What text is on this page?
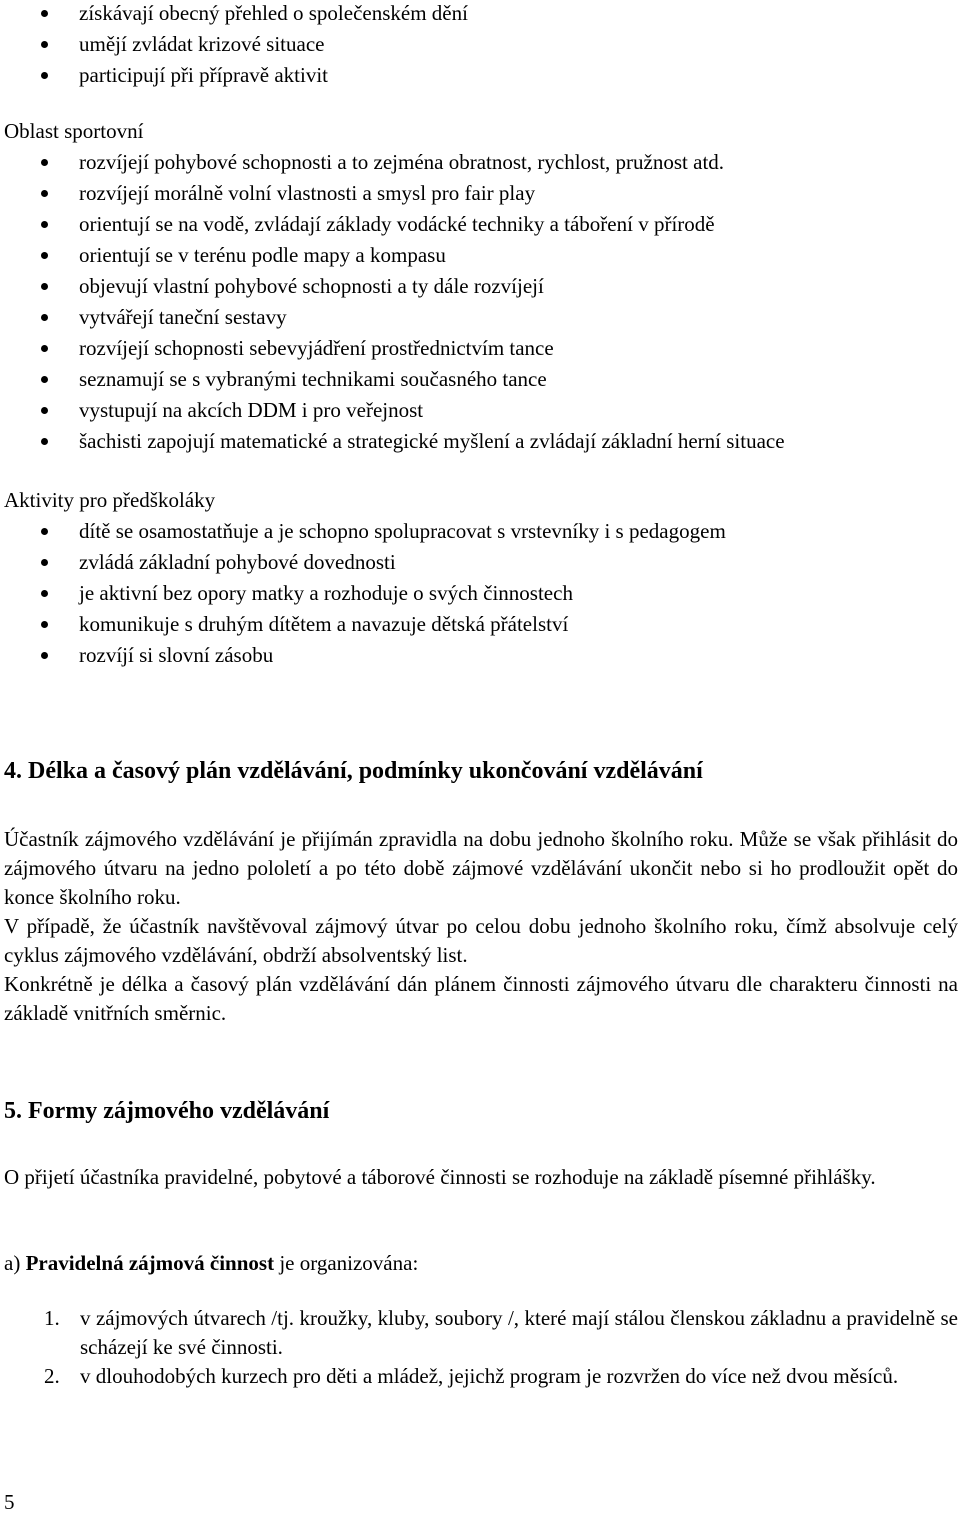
získávají obecný přehled o společenském dění
umějí zvládat krizové situace
participují při přípravě aktivit
Oblast sportovní
rozvíjejí pohybové schopnosti a to zejména obratnost, rychlost, pružnost atd.
rozvíjejí morálně volní vlastnosti a smysl pro fair play
orientují se na vodě, zvládají základy vodácké techniky a táboření v přírodě
orientují se v terénu podle mapy a kompasu
objevují vlastní pohybové schopnosti a ty dále rozvíjejí
vytvářejí taneční sestavy
rozvíjejí schopnosti sebevyjádření prostřednictvím tance
seznamují se s vybranými technikami současného tance
vystupují na akcích DDM i pro veřejnost
šachisti zapojují matematické a strategické myšlení a zvládají základní herní situace
Aktivity pro předškoláky
dítě se osamostatňuje a je schopno spolupracovat s vrstevníky i s pedagogem
zvládá základní pohybové dovednosti
je aktivní bez opory matky a rozhoduje o svých činnostech
komunikuje s druhým dítětem a navazuje dětská přátelství
rozvíjí si slovní zásobu
4. Délka a časový plán vzdělávání, podmínky ukončování vzdělávání

Účastník zájmového vzdělávání je přijímán zpravidla na dobu jednoho školního roku. Může se však přihlásit do zájmového útvaru na jedno pololetí a po této době zájmové vzdělávání ukončit nebo si ho prodloužit opět do konce školního roku.

V případě, že účastník navštěvoval zájmový útvar po celou dobu jednoho školního roku, čímž absolvuje celý cyklus zájmového vzdělávání, obdrží absolventský list.

Konkrétně je délka a časový plán vzdělávání dán plánem činnosti zájmového útvaru dle charakteru činnosti na základě vnitřních směrnic.

5. Formy zájmového vzdělávání

O přijetí účastníka pravidelné, pobytové a táborové činnosti se rozhoduje na základě písemné přihlášky.

a) Pravidelná zájmová činnost je organizována:
1. v zájmových útvarech /tj. kroužky, kluby, soubory /, které mají stálou členskou základnu a pravidelně se scházejí ke své činnosti.
2. v dlouhodobých kurzech pro děti a mládež, jejichž program je rozvržen do více než dvou měsíců.
5
